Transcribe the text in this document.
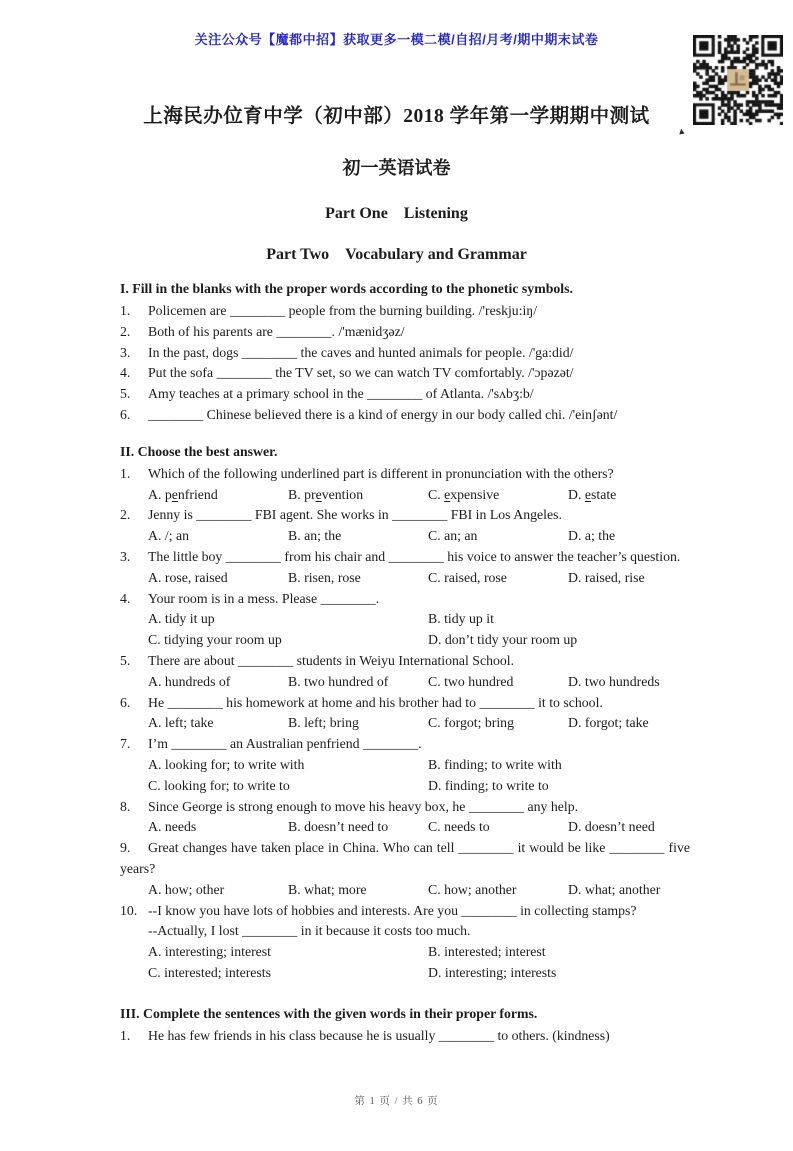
关注公众号【魔都中招】获取更多一模二模/自招/月考/期中期末试卷
▲
上海民办位育中学（初中部）2018 学年第一学期期中测试
初一英语试卷
Part One　Listening
Part Two　Vocabulary and Grammar
I. Fill in the blanks with the proper words according to the phonetic symbols.
1. Policemen are ________ people from the burning building. /'reskju:iŋ/
2. Both of his parents are ________. /'mænidʒəz/
3. In the past, dogs ________ the caves and hunted animals for people. /'ga:did/
4. Put the sofa ________ the TV set, so we can watch TV comfortably. /'ɔpəzət/
5. Amy teaches at a primary school in the ________ of Atlanta. /'sʌbʒ:b/
6. ________ Chinese believed there is a kind of energy in our body called chi. /'einʃənt/
II. Choose the best answer.
1. Which of the following underlined part is different in pronunciation with the others?
A. penfriend	B. prevention	C. expensive	D. estate
2. Jenny is ________ FBI agent. She works in ________ FBI in Los Angeles.
A. /; an	B. an; the	C. an; an	D. a; the
3. The little boy ________ from his chair and ________ his voice to answer the teacher’s question.
A. rose, raised	B. risen, rose	C. raised, rose	D. raised, rise
4. Your room is in a mess. Please ________.
A. tidy it up	B. tidy up it
C. tidying your room up	D. don’t tidy your room up
5. There are about ________ students in Weiyu International School.
A. hundreds of	B. two hundred of	C. two hundred	D. two hundreds
6. He ________ his homework at home and his brother had to ________ it to school.
A. left; take	B. left; bring	C. forgot; bring	D. forgot; take
7. I’m ________ an Australian penfriend ________.
A. looking for; to write with	B. finding; to write with
C. looking for; to write to	D. finding; to write to
8. Since George is strong enough to move his heavy box, he ________ any help.
A. needs	B. doesn’t need to	C. needs to	D. doesn’t need
9. Great changes have taken place in China. Who can tell ________ it would be like ________ five
years?
A. how; other	B. what; more	C. how; another	D. what; another
10. --I know you have lots of hobbies and interests. Are you ________ in collecting stamps?
--Actually, I lost ________ in it because it costs too much.
A. interesting; interest	B. interested; interest
C. interested; interests	D. interesting; interests
III. Complete the sentences with the given words in their proper forms.
1. He has few friends in his class because he is usually ________ to others. (kindness)
第 1 页 / 共 6 页
